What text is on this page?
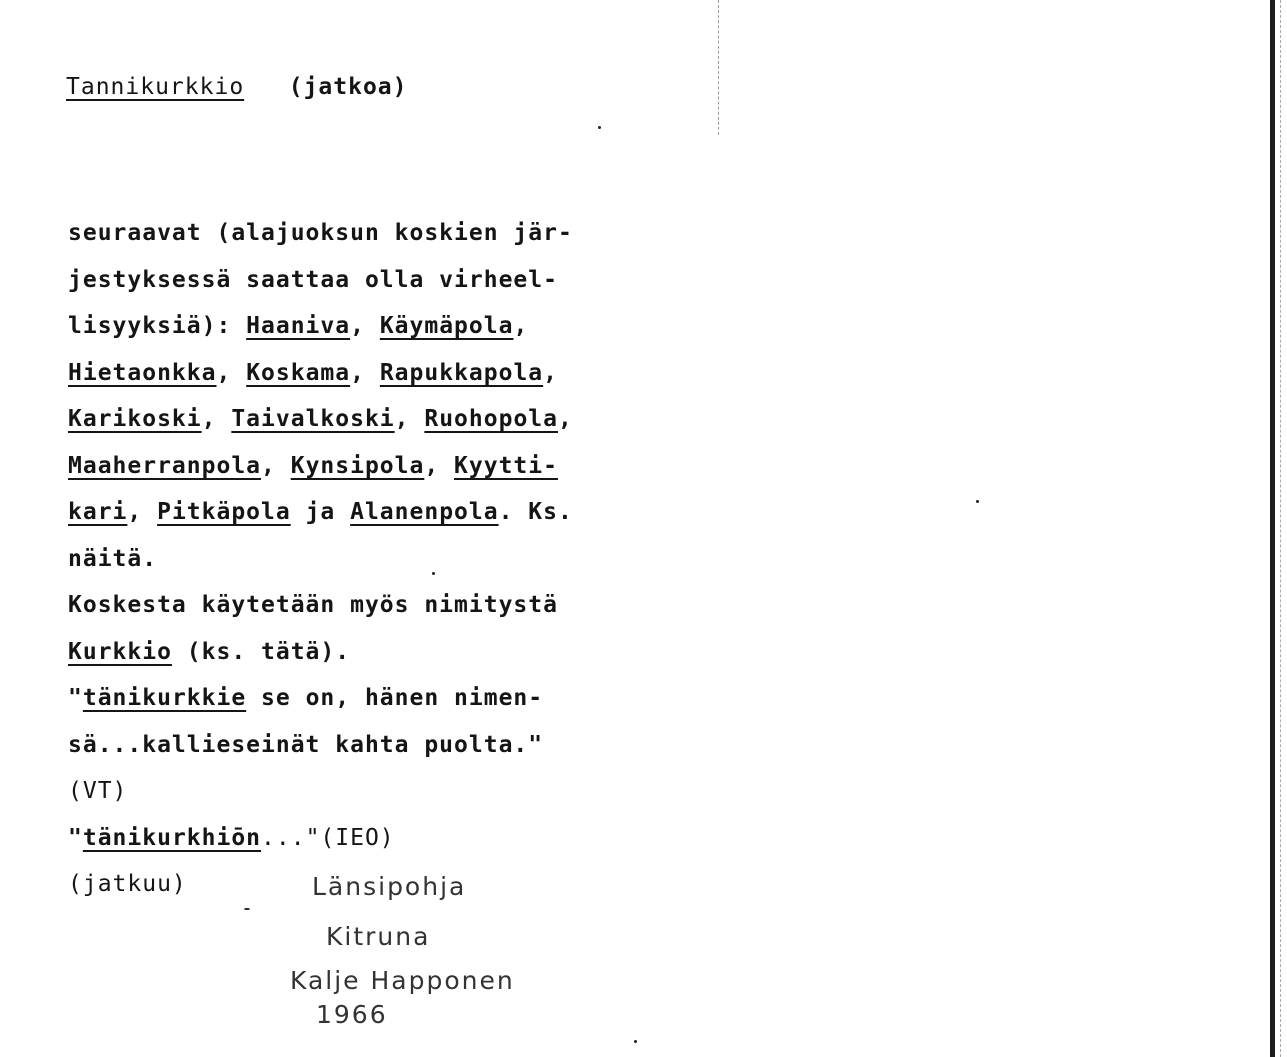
Tannikurkkio (jatkoa)
seuraavat (alajuoksun koskien jär-
jestyksessä saattaa olla virheel-
lisyyksiä): Haaniva, Käymäpola,
Hietaonkka, Koskama, Rapukkapola,
Karikoski, Taivalkoski, Ruohopola,
Maaherranpola, Kynsipola, Kyytti-
kari, Pitkäpola ja Alanenpola. Ks.
näitä.
Koskesta käytetään myös nimitystä
Kurkkio (ks. tätä).
"tänikurkkie se on, hänen nimen-
sä...kallieseinät kahta puolta."
(VT)
"tänikurkhiōn..."(IEO)
(jatkuu)	Länsipohja
Kitruna
Kalje Happonen
1966
